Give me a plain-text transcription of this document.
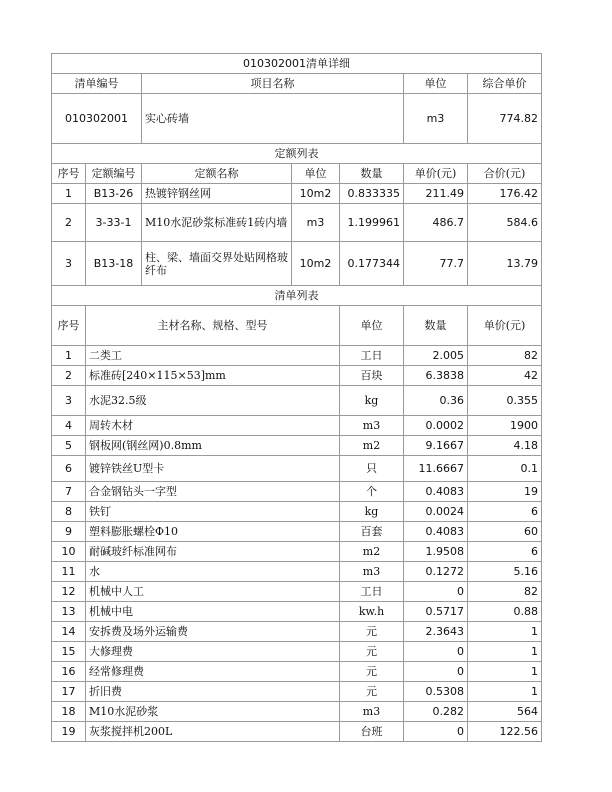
010302001清单详细							
清单编号		项目名称			单位	综合单价	
010302001		实心砖墙			m3	774.82	
定额列表							
序号	定额编号	定额名称	单位	数量	单价(元)	合价(元)	
1	B13-26	热镀锌钢丝网	10m2	0.833335	211.49	176.42	
2	3-33-1	M10水泥砂浆标准砖1砖内墙	m3	1.199961	486.7	584.6	
3	B13-18	柱、梁、墙面交界处贴网格玻纤布	10m2	0.177344	77.7	13.79	
清单列表							
序号	主材名称、规格、型号			单位	数量	单价(元)	
1	二类工			工日	2.005	82	
2	标准砖[240×115×53]mm			百块	6.3838	42	
3	水泥32.5级			kg	0.36	0.355	
4	周转木材			m3	0.0002	1900	
5	钢板网(钢丝网)0.8mm			m2	9.1667	4.18	
6	镀锌铁丝U型卡			只	11.6667	0.1	
7	合金钢钻头一字型			个	0.4083	19	
8	铁钉			kg	0.0024	6	
9	塑料膨胀螺栓Φ10			百套	0.4083	60	
10	耐碱玻纤标准网布			m2	1.9508	6	
11	水			m3	0.1272	5.16	
12	机械中人工			工日	0	82	
13	机械中电			kw.h	0.5717	0.88	
14	安拆费及场外运输费			元	2.3643	1	
15	大修理费			元	0	1	
16	经常修理费			元	0	1	
17	折旧费			元	0.5308	1	
18	M10水泥砂浆			m3	0.282	564	
19	灰浆搅拌机200L			台班	0	122.56	
